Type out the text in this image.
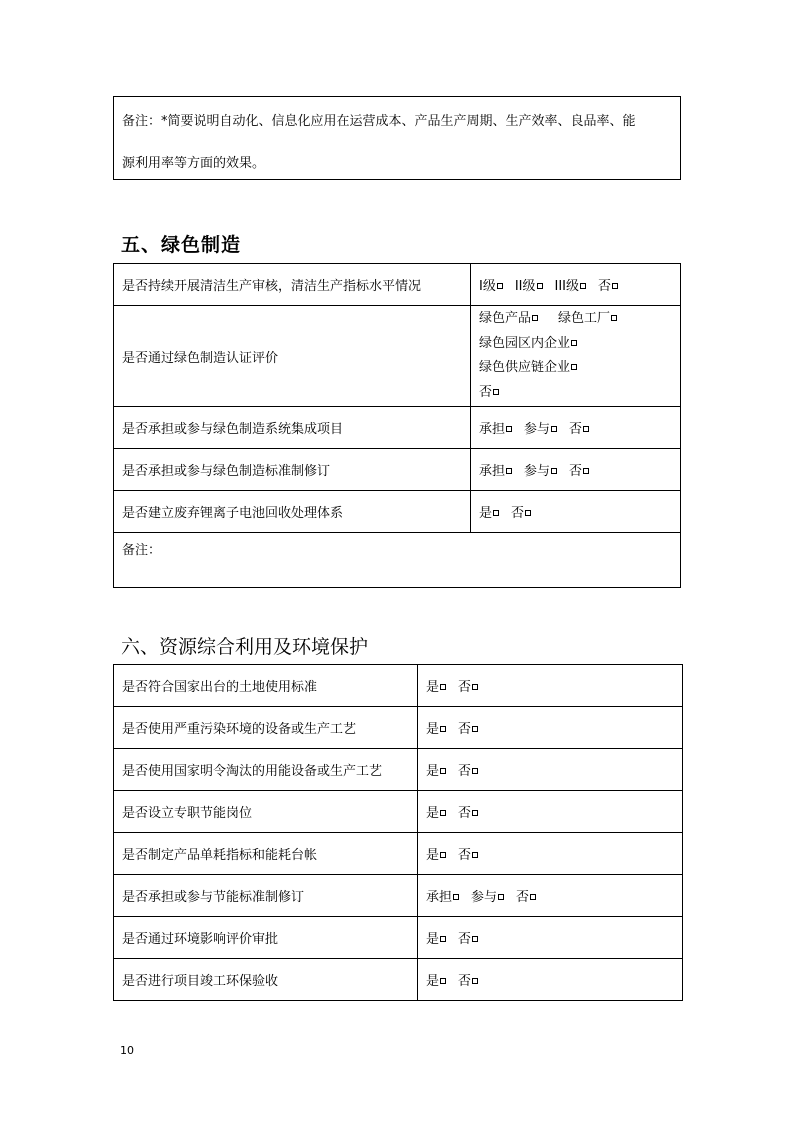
备注：*简要说明自动化、信息化应用在运营成本、产品生产周期、生产效率、良品率、能
源利用率等方面的效果。
五、绿色制造
是否持续开展清洁生产审核，清洁生产指标水平情况	I级 II级 III级 否
是否通过绿色制造认证评价	绿色产品 绿色工厂
绿色园区内企业
绿色供应链企业
否

是否承担或参与绿色制造系统集成项目	承担 参与 否
是否承担或参与绿色制造标准制修订	承担 参与 否
是否建立废弃锂离子电池回收处理体系	是 否
备注：	
六、资源综合利用及环境保护
是否符合国家出台的土地使用标准	是 否
是否使用严重污染环境的设备或生产工艺	是 否
是否使用国家明令淘汰的用能设备或生产工艺	是 否
是否设立专职节能岗位	是 否
是否制定产品单耗指标和能耗台帐	是 否
是否承担或参与节能标准制修订	承担 参与 否
是否通过环境影响评价审批	是 否
是否进行项目竣工环保验收	是 否
10
